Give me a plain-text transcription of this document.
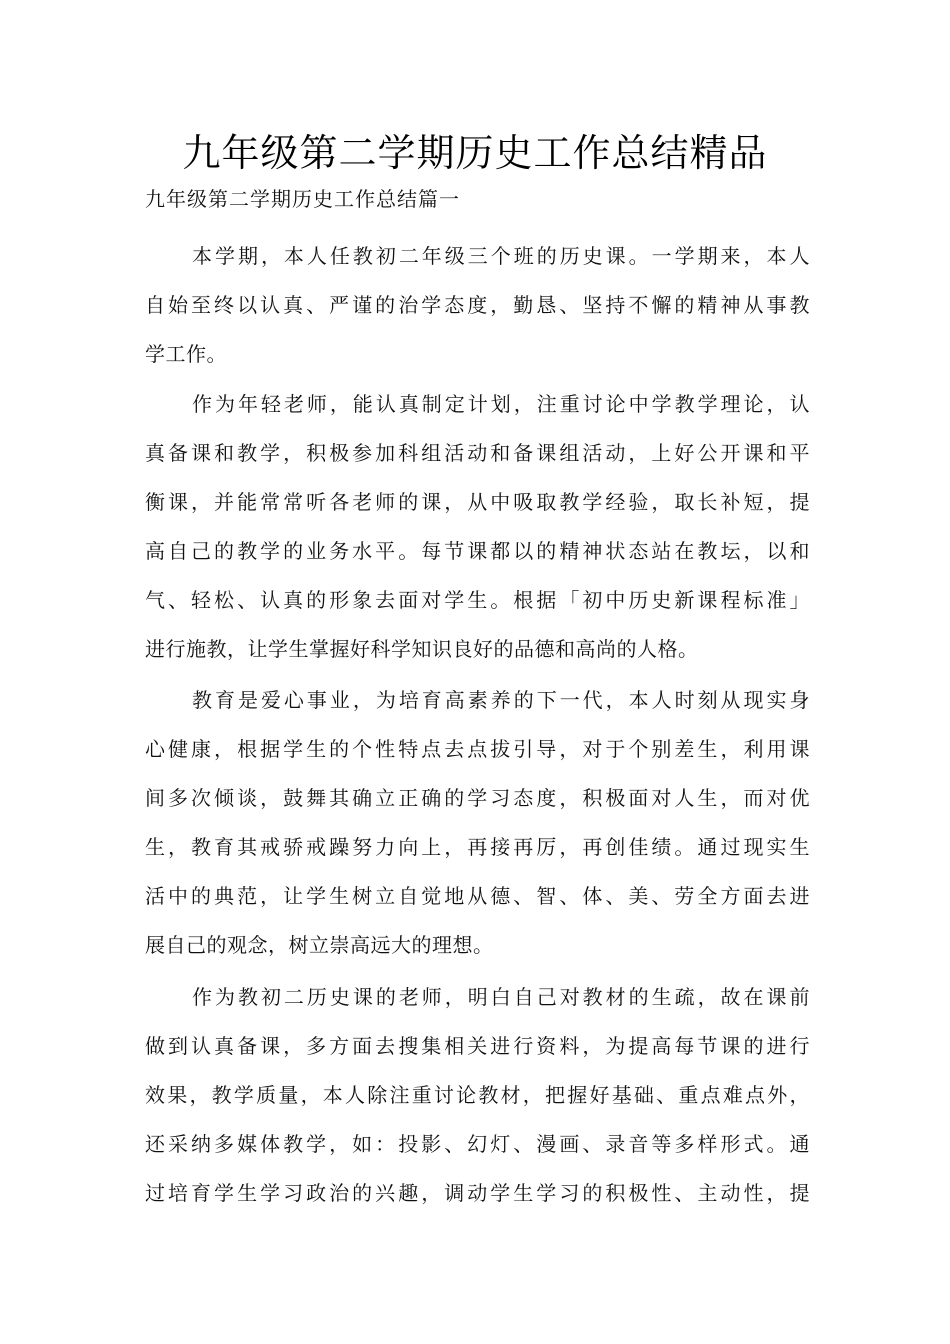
九年级第二学期历史工作总结精品
九年级第二学期历史工作总结篇一
本学期，本人任教初二年级三个班的历史课。一学期来，本人
自始至终以认真、严谨的治学态度，勤恳、坚持不懈的精神从事教
学工作。
作为年轻老师，能认真制定计划，注重讨论中学教学理论，认
真备课和教学，积极参加科组活动和备课组活动，上好公开课和平
衡课，并能常常听各老师的课，从中吸取教学经验，取长补短，提
高自己的教学的业务水平。每节课都以的精神状态站在教坛，以和
气、轻松、认真的形象去面对学生。根据「初中历史新课程标准」
进行施教，让学生掌握好科学知识良好的品德和高尚的人格。
教育是爱心事业，为培育高素养的下一代，本人时刻从现实身
心健康，根据学生的个性特点去点拔引导，对于个别差生，利用课
间多次倾谈，鼓舞其确立正确的学习态度，积极面对人生，而对优
生，教育其戒骄戒躁努力向上，再接再厉，再创佳绩。通过现实生
活中的典范，让学生树立自觉地从德、智、体、美、劳全方面去进
展自己的观念，树立崇高远大的理想。
作为教初二历史课的老师，明白自己对教材的生疏，故在课前
做到认真备课，多方面去搜集相关进行资料，为提高每节课的进行
效果，教学质量，本人除注重讨论教材，把握好基础、重点难点外，
还采纳多媒体教学，如：投影、幻灯、漫画、录音等多样形式。通
过培育学生学习政治的兴趣，调动学生学习的积极性、主动性，提
